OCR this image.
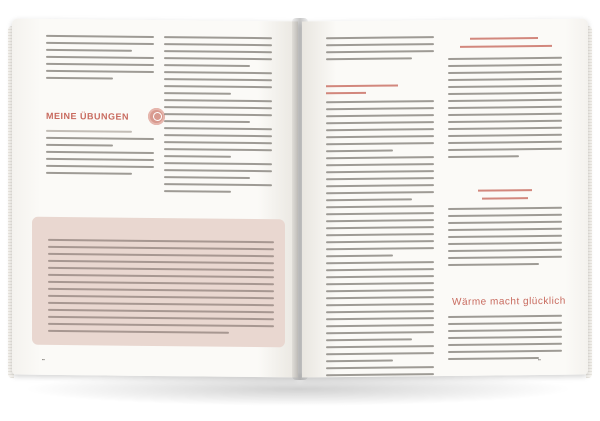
MEINE ÜBUNGEN
▪▪
Wärme macht glücklich
▪▪
